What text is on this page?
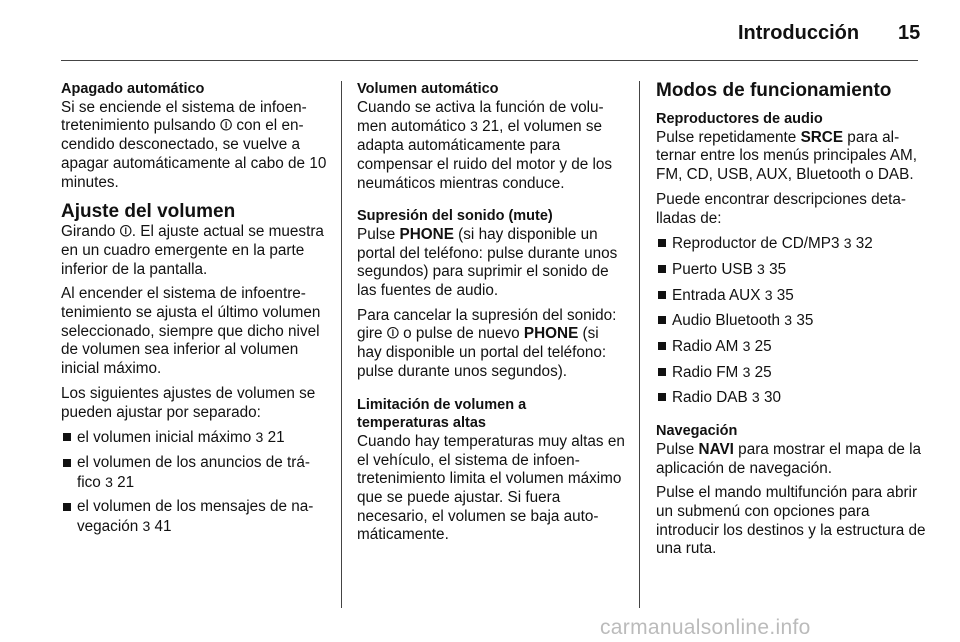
Introducción 15
Apagado automático

Si se enciende el sistema de infoentretenimiento pulsando ⏼ con el encendido desconectado, se vuelve a apagar automáticamente al cabo de 10 minutes.

Ajuste del volumen

Girando ⏼. El ajuste actual se muestra en un cuadro emergente en la parte inferior de la pantalla.

Al encender el sistema de infoentretenimiento se ajusta el último volumen seleccionado, siempre que dicho nivel de volumen sea inferior al volumen inicial máximo.

Los siguientes ajustes de volumen se pueden ajustar por separado:

el volumen inicial máximo 3 21
el volumen de los anuncios de tráfico 3 21
el volumen de los mensajes de navegación 3 41
Volumen automático

Cuando se activa la función de volumen automático 3 21, el volumen se adapta automáticamente para compensar el ruido del motor y de los neumáticos mientras conduce.

Supresión del sonido (mute)

Pulse PHONE (si hay disponible un portal del teléfono: pulse durante unos segundos) para suprimir el sonido de las fuentes de audio.

Para cancelar la supresión del sonido: gire ⏼ o pulse de nuevo PHONE (si hay disponible un portal del teléfono: pulse durante unos segundos).

Limitación de volumen a
temperaturas altas

Cuando hay temperaturas muy altas en el vehículo, el sistema de infoentretenimiento limita el volumen máximo que se puede ajustar. Si fuera necesario, el volumen se baja automáticamente.

Modos de funcionamiento
Reproductores de audio

Pulse repetidamente SRCE para alternar entre los menús principales AM, FM, CD, USB, AUX, Bluetooth o DAB.

Puede encontrar descripciones detalladas de:

Reproductor de CD/MP3 3 32
Puerto USB 3 35
Entrada AUX 3 35
Audio Bluetooth 3 35
Radio AM 3 25
Radio FM 3 25
Radio DAB 3 30
Navegación

Pulse NAVI para mostrar el mapa de la aplicación de navegación.

Pulse el mando multifunción para abrir un submenú con opciones para introducir los destinos y la estructura de una ruta.

carmanualsonline.info
